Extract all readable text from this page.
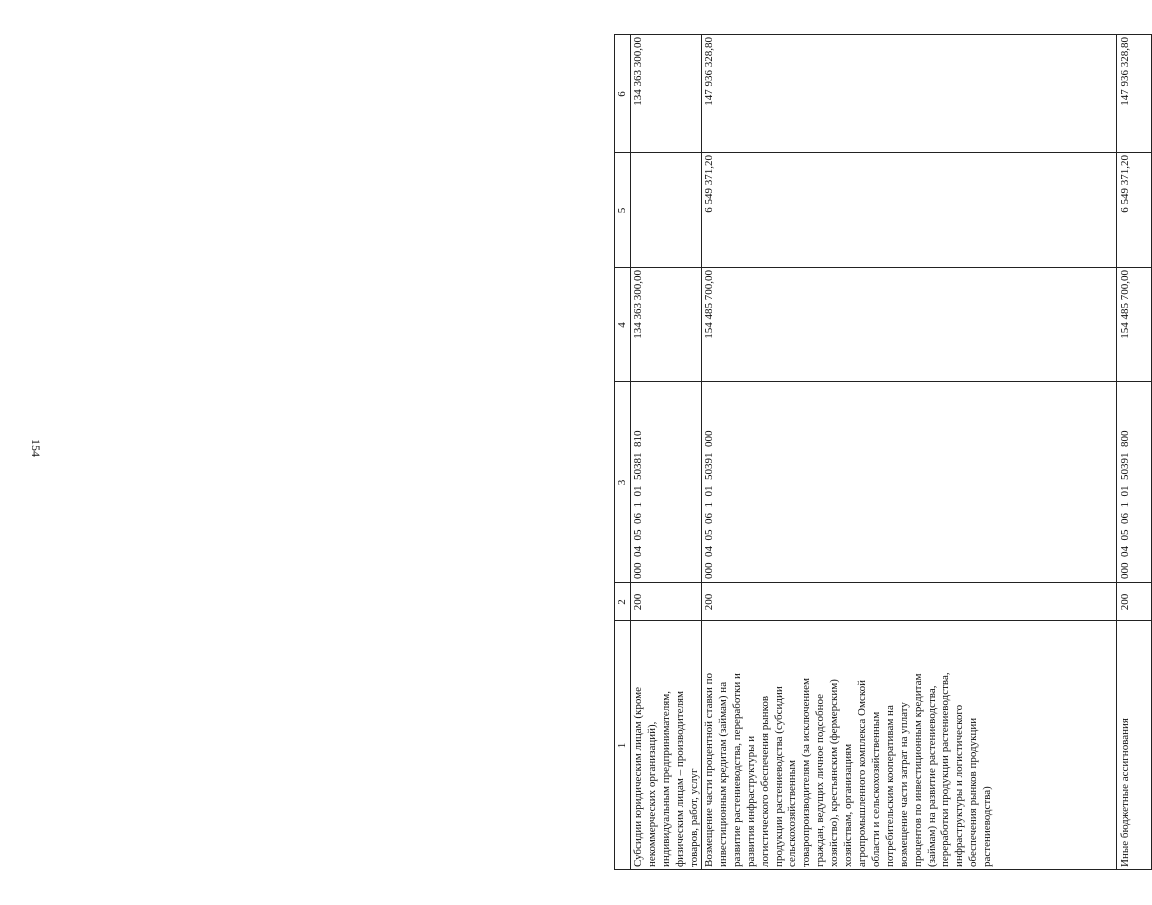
154
1
2
3
4
5
6
Субсидии юридическим лицам (кроме некоммерческих организаций), индивидуальным предпринимателям, физическим лицам – производителям товаров, работ, услуг
200
000  04  05  06  1  01  50381  810
134 363 300,00
134 363 300,00
Возмещение части процентной ставки по инвестиционным кредитам (займам) на развитие растениеводства, переработки и развития инфраструктуры и логистического обеспечения рынков продукции растениеводства (субсидии сельскохозяйственным товаропроизводителям (за исключением граждан, ведущих личное подсобное хозяйство), крестьянским (фермерским) хозяйствам, организациям агропромышленного комплекса Омской области и сельскохозяйственным потребительским кооперативам на возмещение части затрат на уплату процентов по инвестиционным кредитам (займам) на развитие растениеводства, переработки продукции растениеводства, инфраструктуры и логистического обеспечения рынков продукции растениеводства)
200
000  04  05  06  1  01  50391  000
154 485 700,00
6 549 371,20
147 936 328,80
Иные бюджетные ассигнования
200
000  04  05  06  1  01  50391  800
154 485 700,00
6 549 371,20
147 936 328,80
